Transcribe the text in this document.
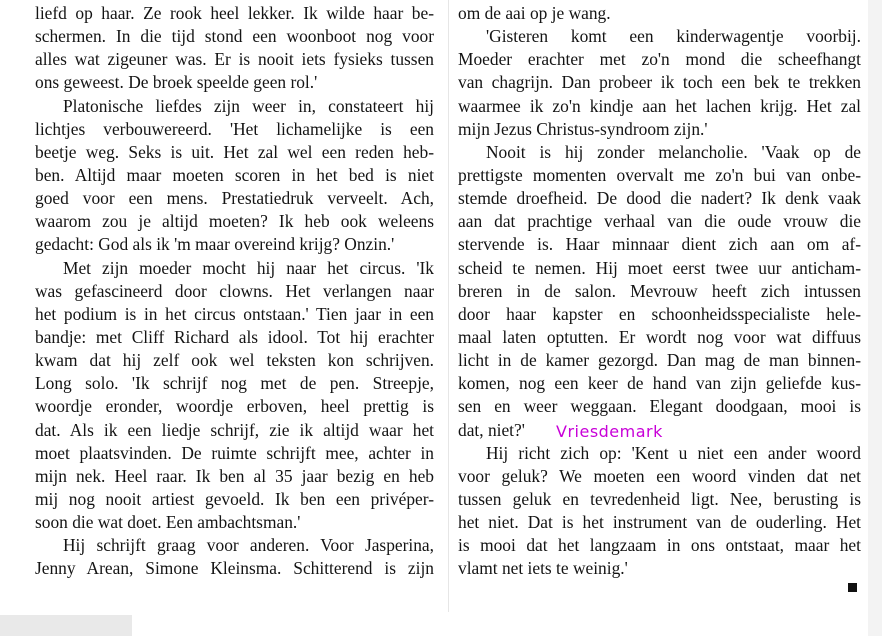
liefd op haar. Ze rook heel lekker. Ik wilde haar be-
schermen. In die tijd stond een woonboot nog voor
alles wat zigeuner was. Er is nooit iets fysieks tussen
ons geweest. De broek speelde geen rol.'
Platonische liefdes zijn weer in, constateert hij
lichtjes verbouwereerd. 'Het lichamelijke is een
beetje weg. Seks is uit. Het zal wel een reden heb-
ben. Altijd maar moeten scoren in het bed is niet
goed voor een mens. Prestatiedruk verveelt. Ach,
waarom zou je altijd moeten? Ik heb ook weleens
gedacht: God als ik 'm maar overeind krijg? Onzin.'
Met zijn moeder mocht hij naar het circus. 'Ik
was gefascineerd door clowns. Het verlangen naar
het podium is in het circus ontstaan.' Tien jaar in een
bandje: met Cliff Richard als idool. Tot hij erachter
kwam dat hij zelf ook wel teksten kon schrijven.
Long solo. 'Ik schrijf nog met de pen. Streepje,
woordje eronder, woordje erboven, heel prettig is
dat. Als ik een liedje schrijf, zie ik altijd waar het
moet plaatsvinden. De ruimte schrijft mee, achter in
mijn nek. Heel raar. Ik ben al 35 jaar bezig en heb
mij nog nooit artiest gevoeld. Ik ben een privéper-
soon die wat doet. Een ambachtsman.'
Hij schrijft graag voor anderen. Voor Jasperina,
Jenny Arean, Simone Kleinsma. Schitterend is zijn
om de aai op je wang.
'Gisteren komt een kinderwagentje voorbij.
Moeder erachter met zo'n mond die scheefhangt
van chagrijn. Dan probeer ik toch een bek te trekken
waarmee ik zo'n kindje aan het lachen krijg. Het zal
mijn Jezus Christus-syndroom zijn.'
Nooit is hij zonder melancholie. 'Vaak op de
prettigste momenten overvalt me zo'n bui van onbe-
stemde droefheid. De dood die nadert? Ik denk vaak
aan dat prachtige verhaal van die oude vrouw die
stervende is. Haar minnaar dient zich aan om af-
scheid te nemen. Hij moet eerst twee uur anticham-
breren in de salon. Mevrouw heeft zich intussen
door haar kapster en schoonheidsspecialiste hele-
maal laten optutten. Er wordt nog voor wat diffuus
licht in de kamer gezorgd. Dan mag de man binnen-
komen, nog een keer de hand van zijn geliefde kus-
sen en weer weggaan. Elegant doodgaan, mooi is
dat, niet?'
Hij richt zich op: 'Kent u niet een ander woord
voor geluk? We moeten een woord vinden dat net
tussen geluk en tevredenheid ligt. Nee, berusting is
het niet. Dat is het instrument van de ouderling. Het
is mooi dat het langzaam in ons ontstaat, maar het
vlamt net iets te weinig.'
Vriesdemark
